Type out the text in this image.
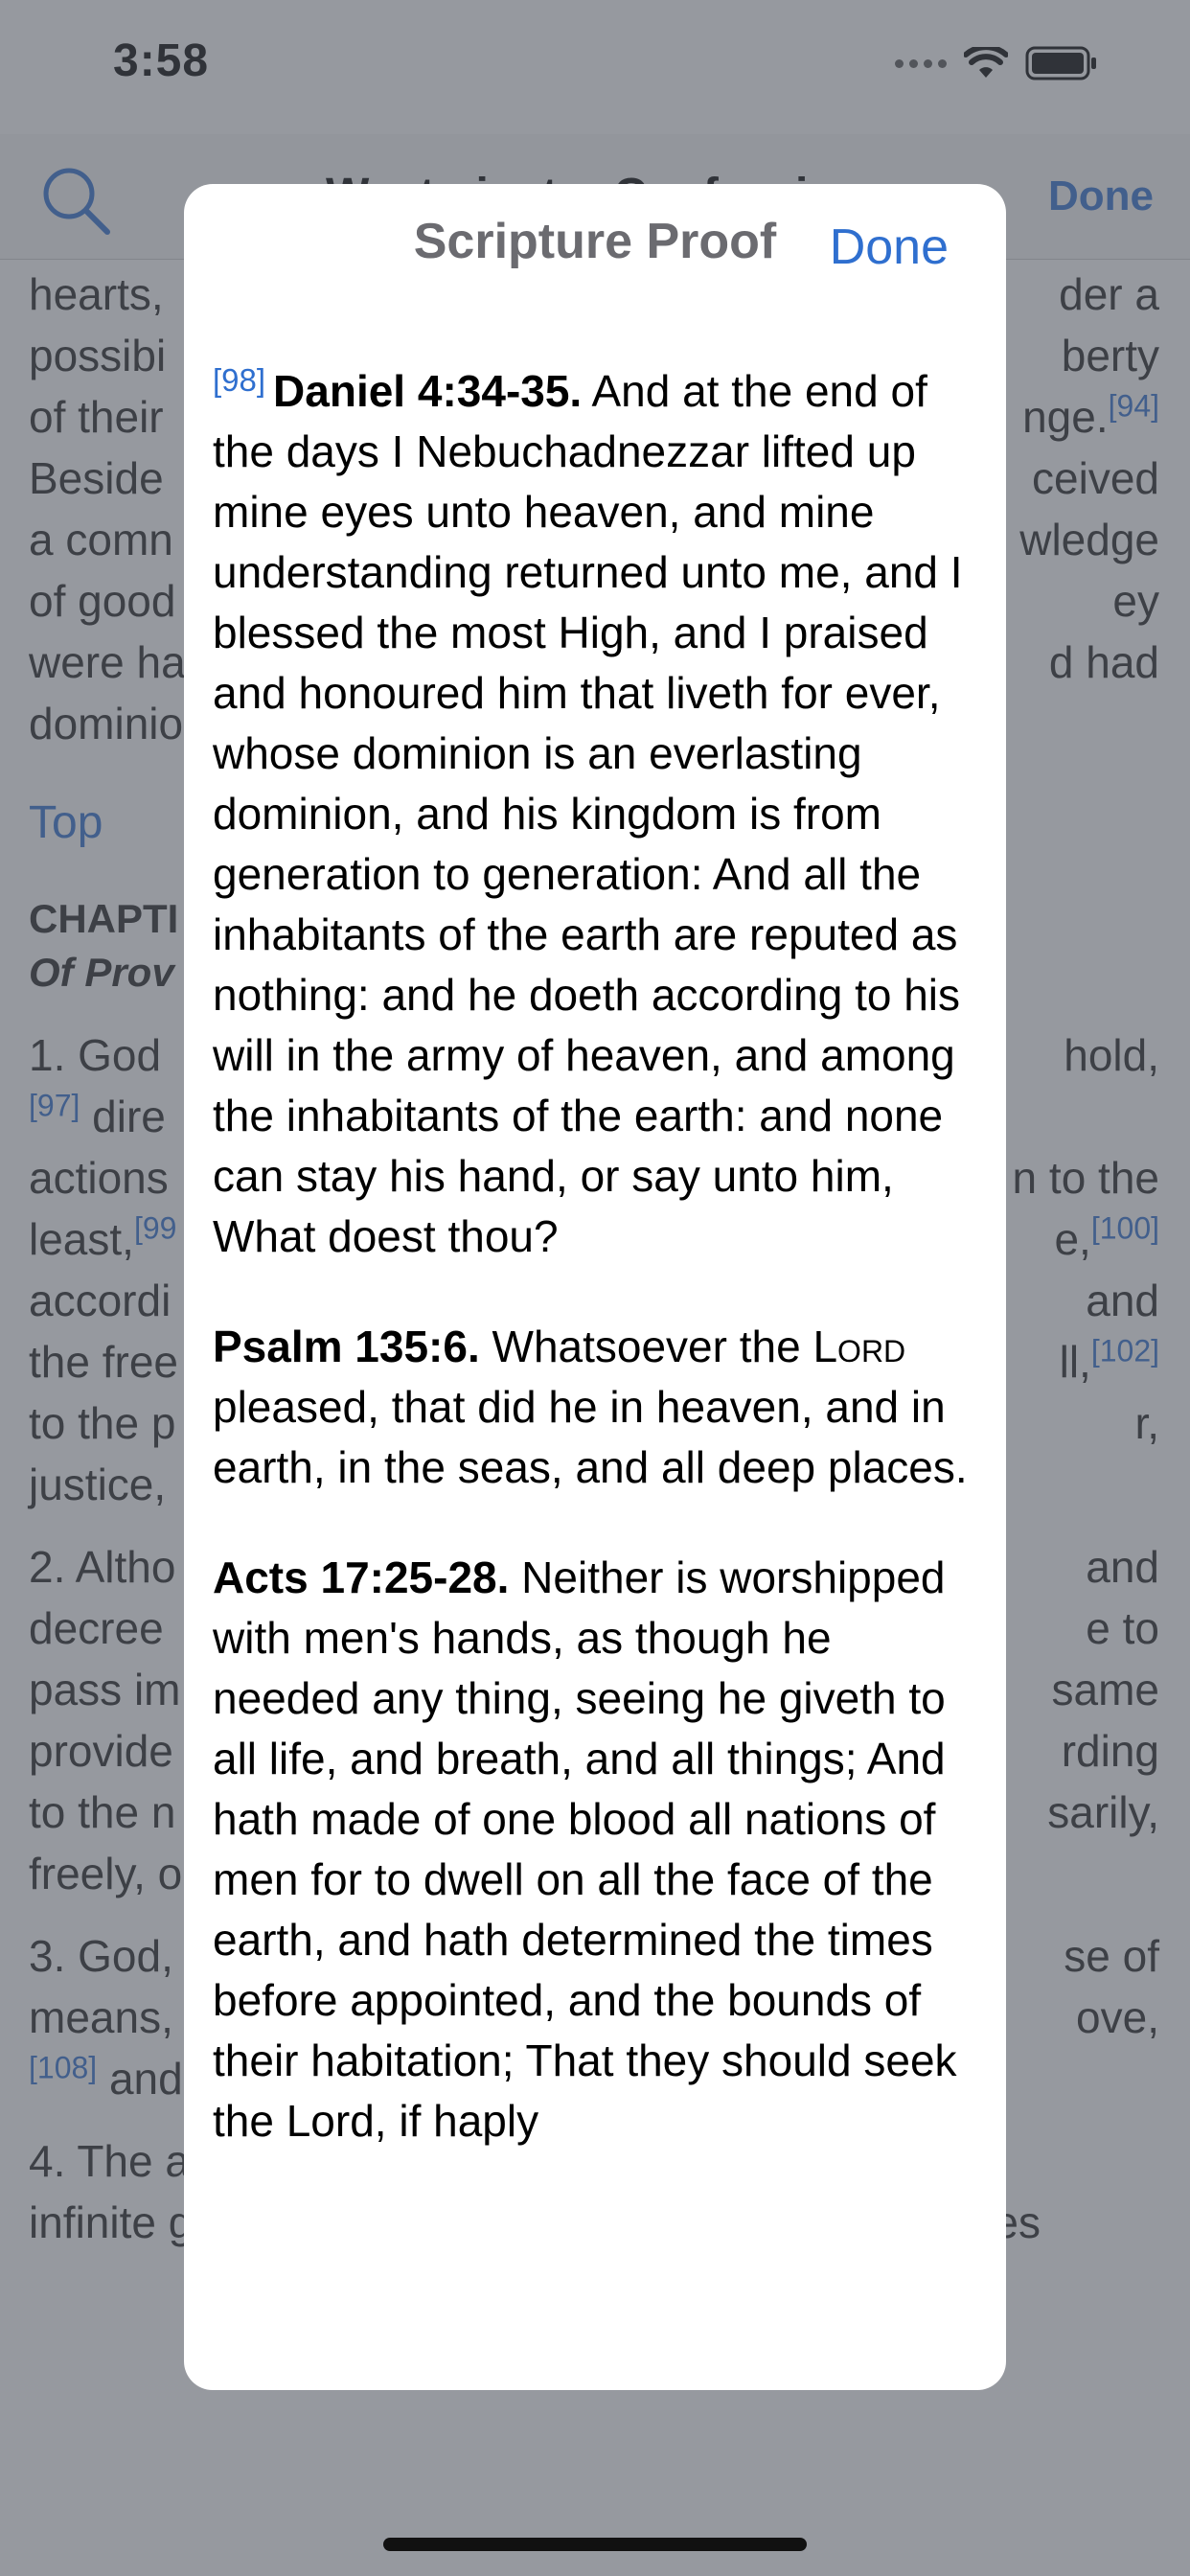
Scripture Proof	Done

[98] Daniel 4:34-35. And at the end of the days I Nebuchadnezzar lifted up mine eyes unto heaven, and mine understanding returned unto me, and I blessed the most High, and I praised and honoured him that liveth for ever, whose dominion is an everlasting dominion, and his kingdom is from generation to generation: And all the inhabitants of the earth are reputed as nothing: and he doeth according to his will in the army of heaven, and among the inhabitants of the earth: and none can stay his hand, or say unto him, What doest thou?

Psalm 135:6. Whatsoever the Lord pleased, that did he in heaven, and in earth, in the seas, and all deep places.

Acts 17:25-28. Neither is worshipped with men's hands, as though he needed any thing, seeing he giveth to all life, and breath, and all things; And hath made of one blood all nations of men for to dwell on all the face of the earth, and hath determined the times before appointed, and the bounds of their habitation; That they should seek the Lord, if haply
